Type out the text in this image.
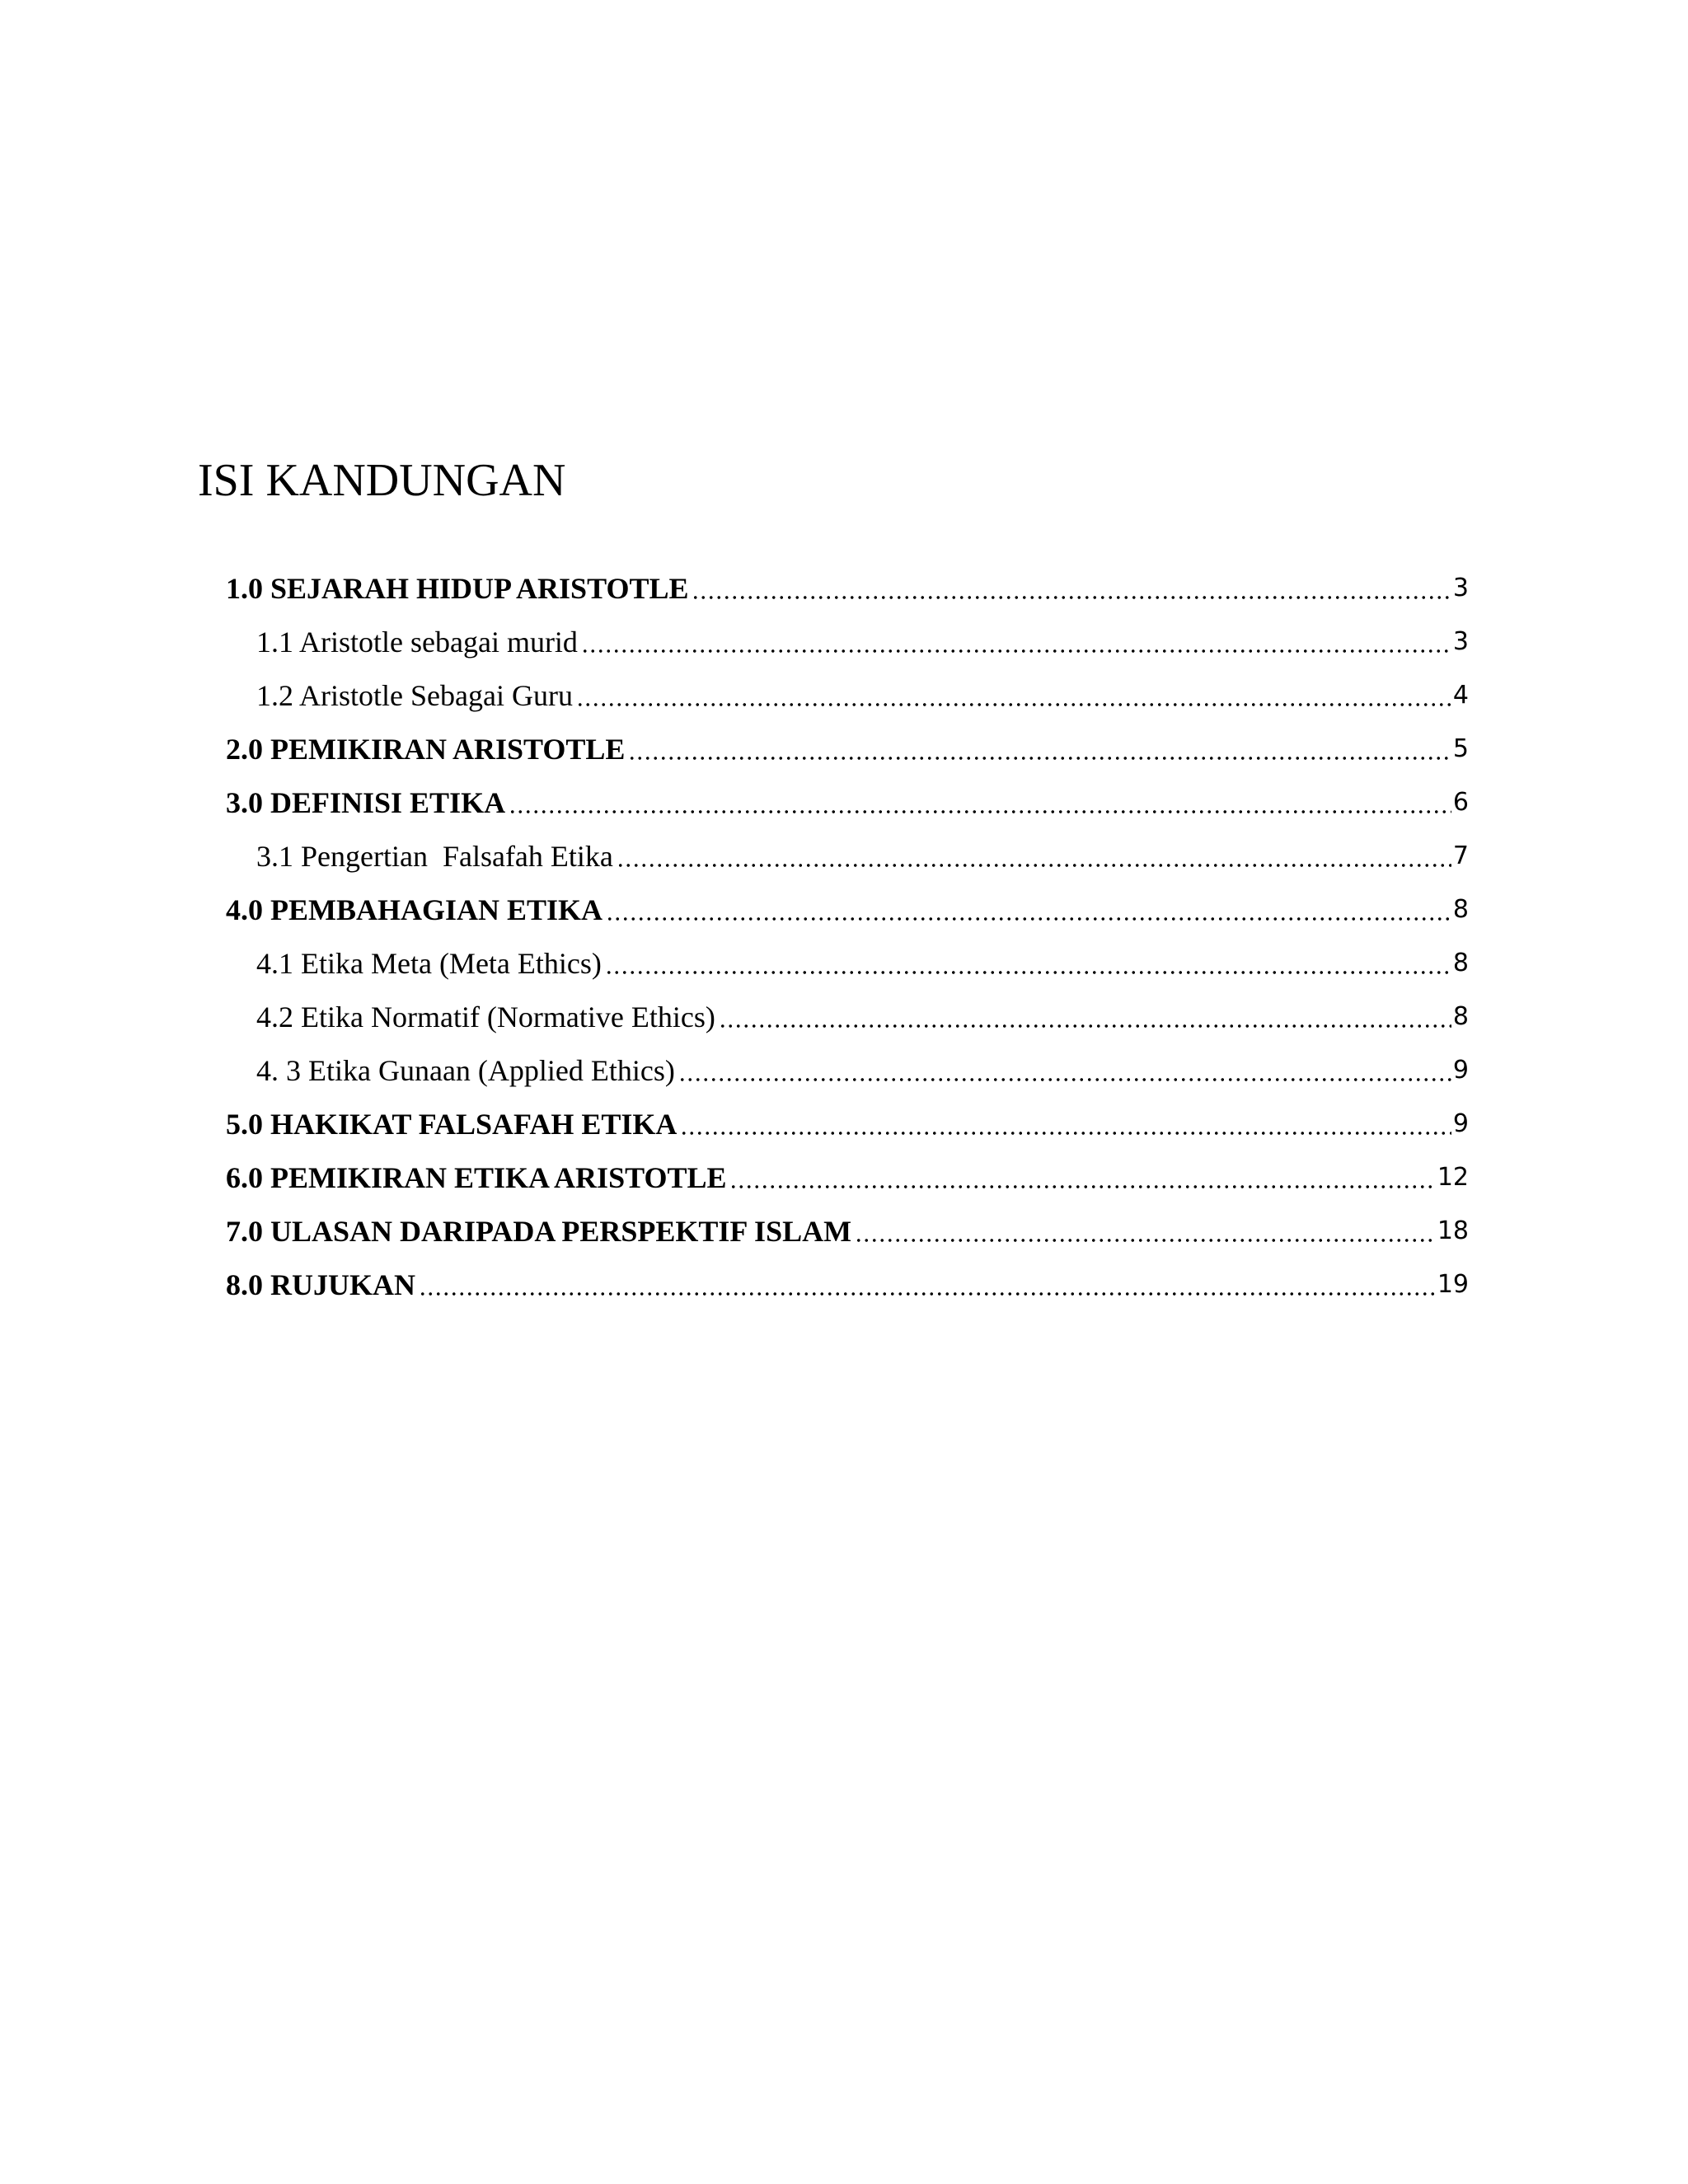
ISI KANDUNGAN
1.0 SEJARAH HIDUP ARISTOTLE	3
1.1 Aristotle sebagai murid	3
1.2 Aristotle Sebagai Guru	4
2.0 PEMIKIRAN ARISTOTLE	5
3.0 DEFINISI ETIKA	6
3.1 Pengertian  Falsafah Etika	7
4.0 PEMBAHAGIAN ETIKA	8
4.1 Etika Meta (Meta Ethics)	8
4.2 Etika Normatif (Normative Ethics)	8
4. 3 Etika Gunaan (Applied Ethics)	9
5.0 HAKIKAT FALSAFAH ETIKA	9
6.0 PEMIKIRAN ETIKA ARISTOTLE	12
7.0 ULASAN DARIPADA PERSPEKTIF ISLAM	18
8.0 RUJUKAN	19
